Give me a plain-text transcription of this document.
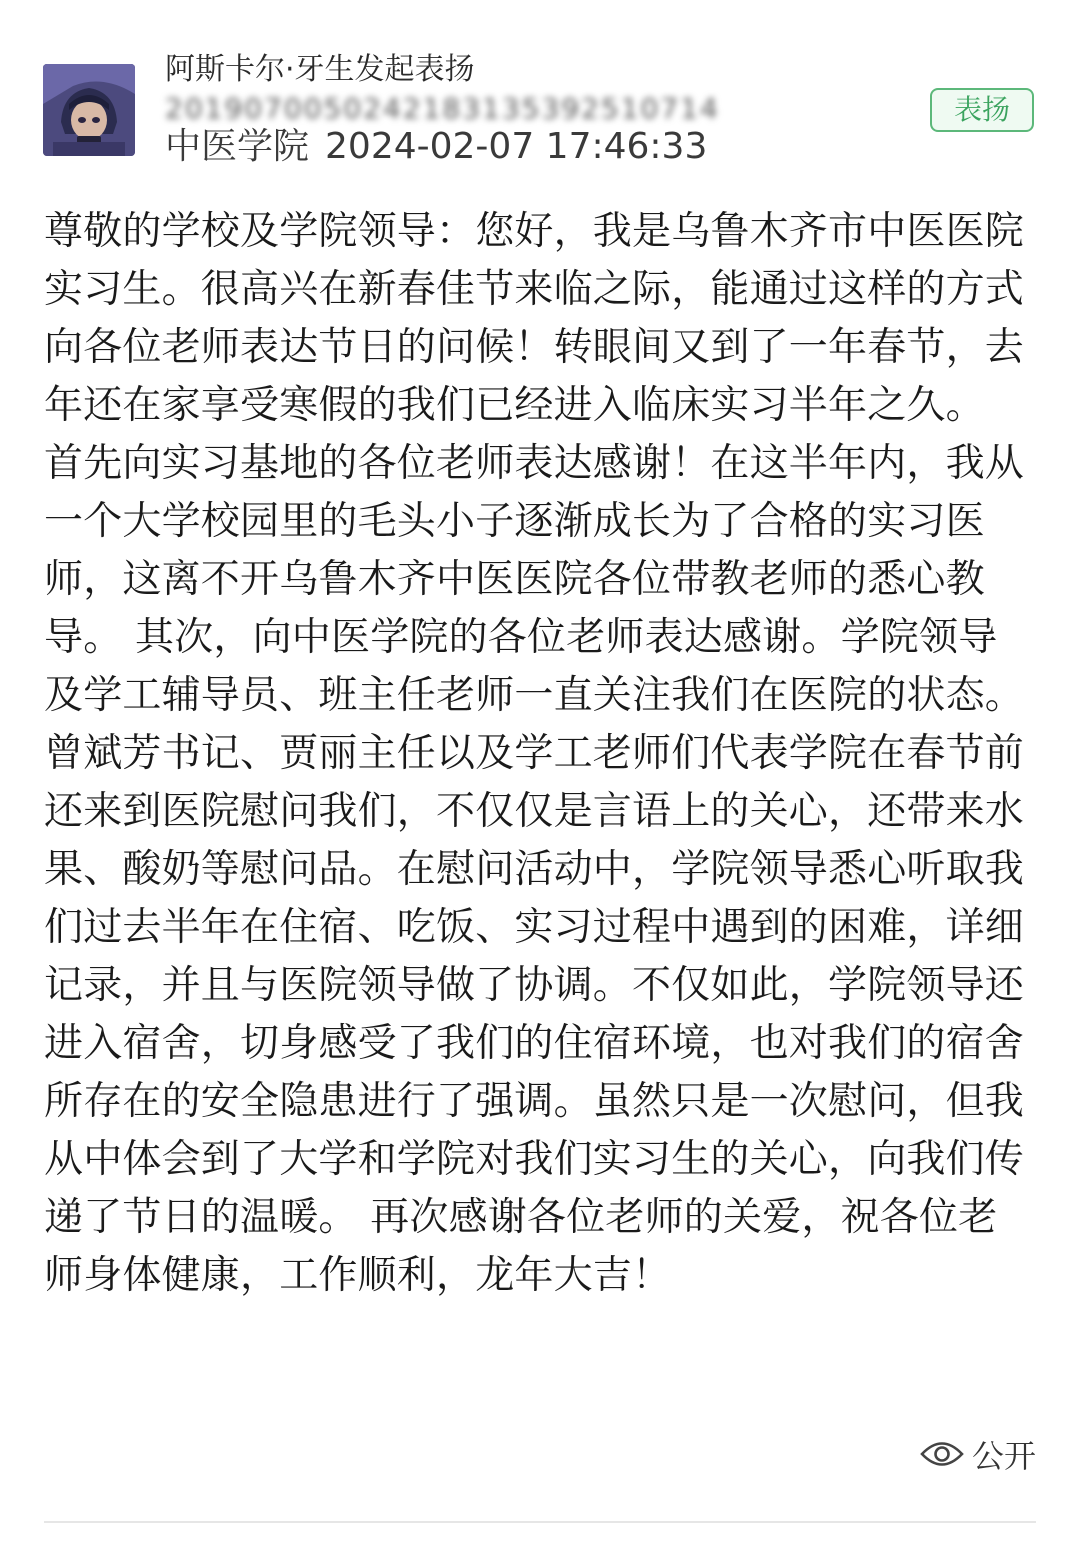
阿斯卡尔·牙生发起表扬
2019070050242183135392510714
中医学院 2024-02-07 17:46:33
表扬
尊敬的学校及学院领导：您好，我是乌鲁木齐市中医医院实习生。很高兴在新春佳节来临之际，能通过这样的方式向各位老师表达节日的问候！转眼间又到了一年春节，去年还在家享受寒假的我们已经进入临床实习半年之久。 首先向实习基地的各位老师表达感谢！在这半年内，我从一个大学校园里的毛头小子逐渐成长为了合格的实习医师，这离不开乌鲁木齐中医医院各位带教老师的悉心教导。 其次，向中医学院的各位老师表达感谢。学院领导及学工辅导员、班主任老师一直关注我们在医院的状态。曾斌芳书记、贾丽主任以及学工老师们代表学院在春节前还来到医院慰问我们，不仅仅是言语上的关心，还带来水果、酸奶等慰问品。在慰问活动中，学院领导悉心听取我们过去半年在住宿、吃饭、实习过程中遇到的困难，详细记录，并且与医院领导做了协调。不仅如此，学院领导还进入宿舍，切身感受了我们的住宿环境，也对我们的宿舍所存在的安全隐患进行了强调。虽然只是一次慰问，但我从中体会到了大学和学院对我们实习生的关心，向我们传递了节日的温暖。 再次感谢各位老师的关爱，祝各位老师身体健康，工作顺利，龙年大吉！
公开
